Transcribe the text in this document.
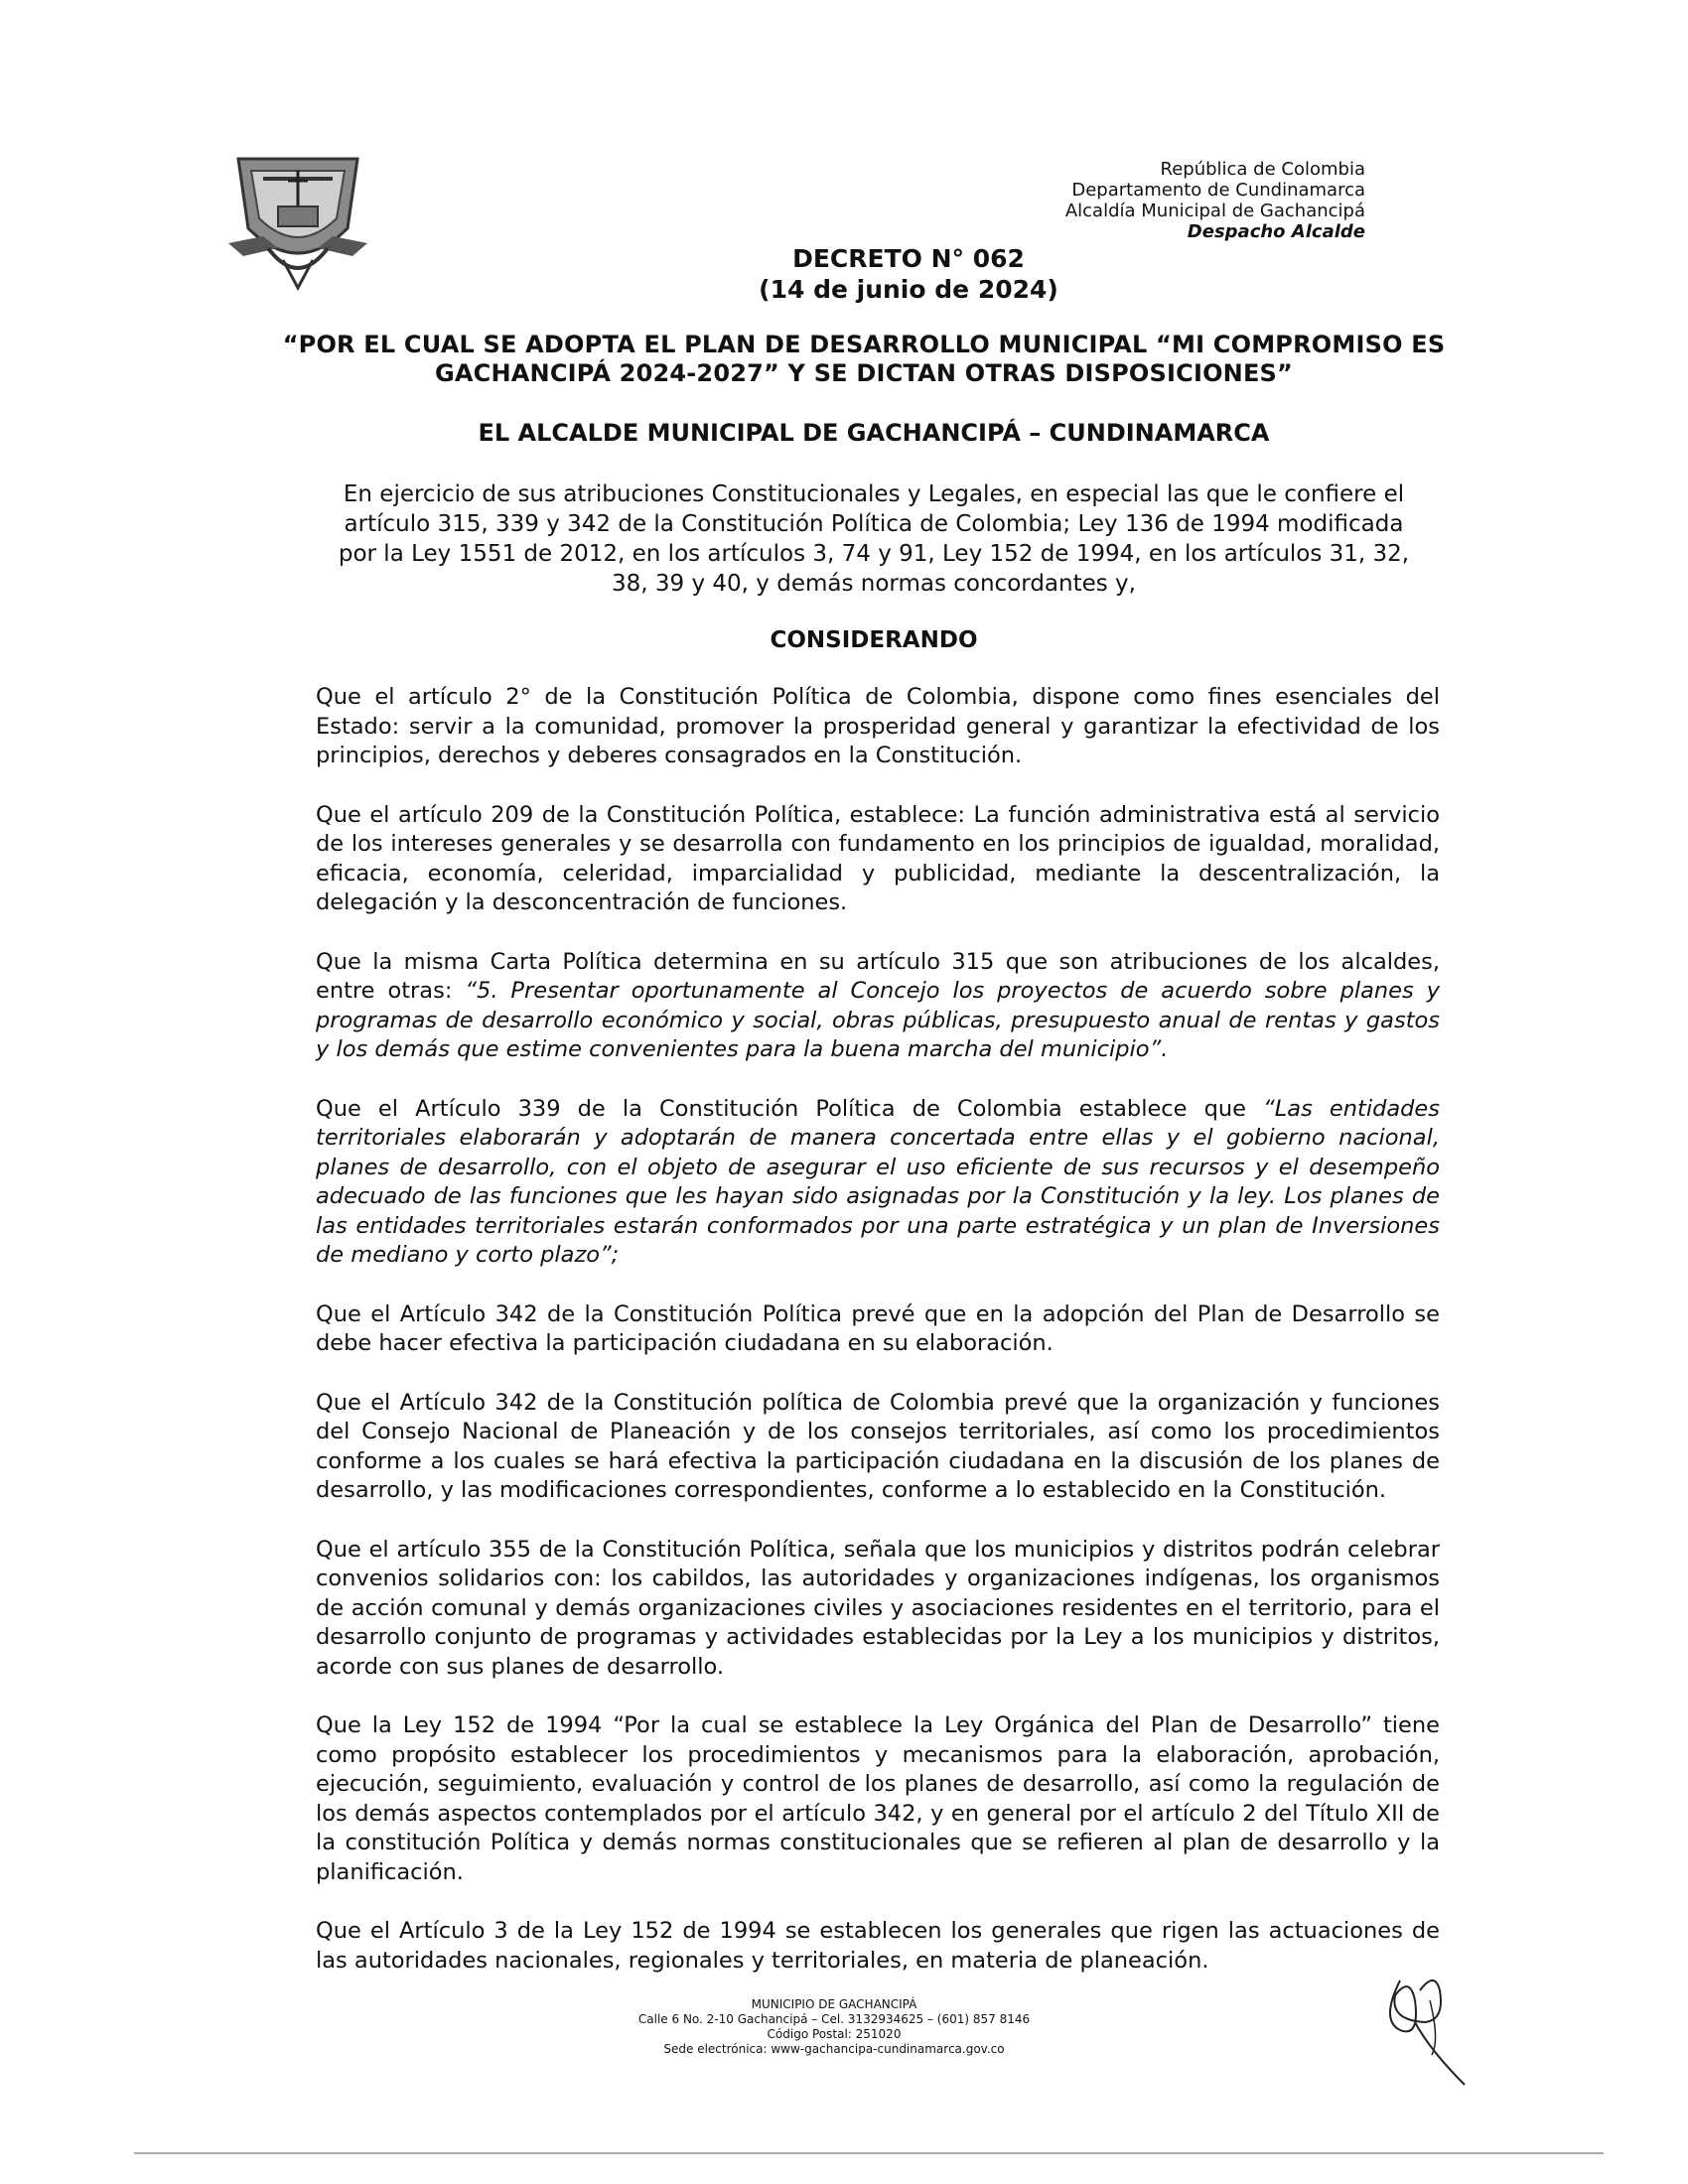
República de Colombia
Departamento de Cundinamarca
Alcaldía Municipal de Gachancipá
Despacho Alcalde
DECRETO N° 062
(14 de junio de 2024)
“POR EL CUAL SE ADOPTA EL PLAN DE DESARROLLO MUNICIPAL “MI COMPROMISO ES GACHANCIPÁ 2024-2027” Y SE DICTAN OTRAS DISPOSICIONES”
EL ALCALDE MUNICIPAL DE GACHANCIPÁ – CUNDINAMARCA
En ejercicio de sus atribuciones Constitucionales y Legales, en especial las que le confiere el artículo 315, 339 y 342 de la Constitución Política de Colombia; Ley 136 de 1994 modificada por la Ley 1551 de 2012, en los artículos 3, 74 y 91, Ley 152 de 1994, en los artículos 31, 32, 38, 39 y 40, y demás normas concordantes y,
CONSIDERANDO

Que el artículo 2° de la Constitución Política de Colombia, dispone como fines esenciales del Estado: servir a la comunidad, promover la prosperidad general y garantizar la efectividad de los principios, derechos y deberes consagrados en la Constitución.

Que el artículo 209 de la Constitución Política, establece: La función administrativa está al servicio de los intereses generales y se desarrolla con fundamento en los principios de igualdad, moralidad, eficacia, economía, celeridad, imparcialidad y publicidad, mediante la descentralización, la delegación y la desconcentración de funciones.

Que la misma Carta Política determina en su artículo 315 que son atribuciones de los alcaldes, entre otras: “5. Presentar oportunamente al Concejo los proyectos de acuerdo sobre planes y programas de desarrollo económico y social, obras públicas, presupuesto anual de rentas y gastos y los demás que estime convenientes para la buena marcha del municipio”.

Que el Artículo 339 de la Constitución Política de Colombia establece que “Las entidades territoriales elaborarán y adoptarán de manera concertada entre ellas y el gobierno nacional, planes de desarrollo, con el objeto de asegurar el uso eficiente de sus recursos y el desempeño adecuado de las funciones que les hayan sido asignadas por la Constitución y la ley. Los planes de las entidades territoriales estarán conformados por una parte estratégica y un plan de Inversiones de mediano y corto plazo”;

Que el Artículo 342 de la Constitución Política prevé que en la adopción del Plan de Desarrollo se debe hacer efectiva la participación ciudadana en su elaboración.

Que el Artículo 342 de la Constitución política de Colombia prevé que la organización y funciones del Consejo Nacional de Planeación y de los consejos territoriales, así como los procedimientos conforme a los cuales se hará efectiva la participación ciudadana en la discusión de los planes de desarrollo, y las modificaciones correspondientes, conforme a lo establecido en la Constitución.

Que el artículo 355 de la Constitución Política, señala que los municipios y distritos podrán celebrar convenios solidarios con: los cabildos, las autoridades y organizaciones indígenas, los organismos de acción comunal y demás organizaciones civiles y asociaciones residentes en el territorio, para el desarrollo conjunto de programas y actividades establecidas por la Ley a los municipios y distritos, acorde con sus planes de desarrollo.

Que la Ley 152 de 1994 “Por la cual se establece la Ley Orgánica del Plan de Desarrollo” tiene como propósito establecer los procedimientos y mecanismos para la elaboración, aprobación, ejecución, seguimiento, evaluación y control de los planes de desarrollo, así como la regulación de los demás aspectos contemplados por el artículo 342, y en general por el artículo 2 del Título XII de la constitución Política y demás normas constitucionales que se refieren al plan de desarrollo y la planificación.

Que el Artículo 3 de la Ley 152 de 1994 se establecen los generales que rigen las actuaciones de las autoridades nacionales, regionales y territoriales, en materia de planeación.

MUNICIPIO DE GACHANCIPÁ
Calle 6 No. 2-10 Gachancipá – Cel. 3132934625 – (601) 857 8146
Código Postal: 251020
Sede electrónica: www-gachancipa-cundinamarca.gov.co
